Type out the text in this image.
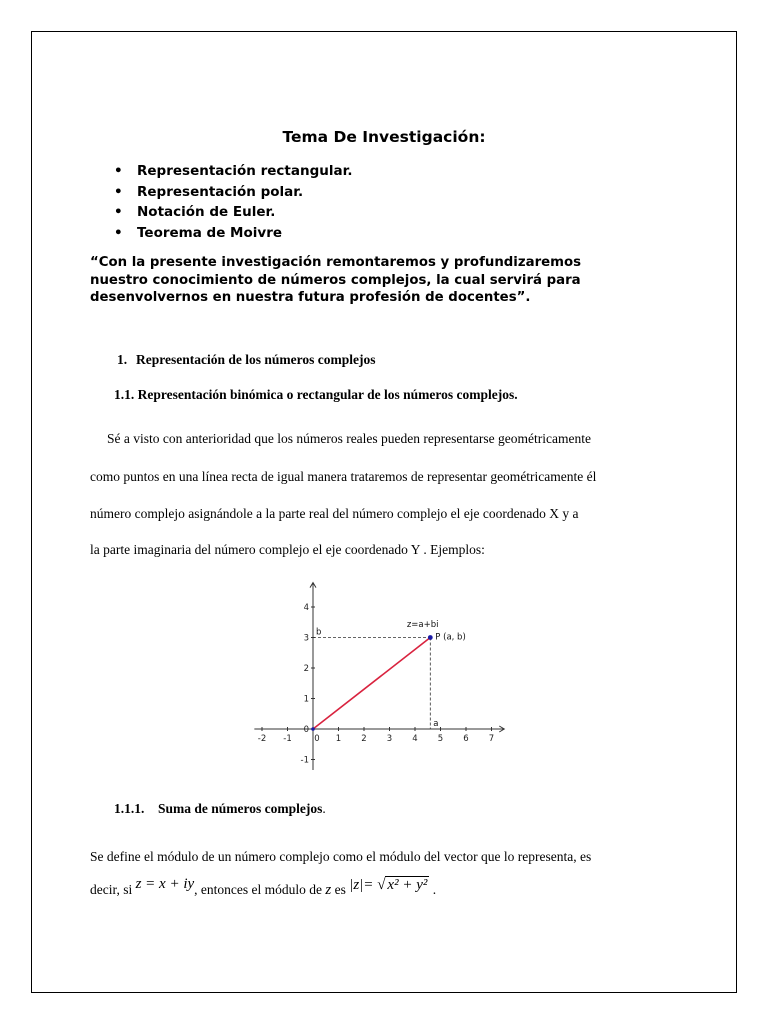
Tema De Investigación:
• Representación rectangular.
• Representación polar.
• Notación de Euler.
• Teorema de Moivre
“Con la presente investigación remontaremos y profundizaremos
nuestro conocimiento de números complejos, la cual servirá para
desenvolvernos en nuestra futura profesión de docentes”.
1. Representación de los números complejos
1.1. Representación binómica o rectangular de los números complejos.
Sé a visto con anterioridad que los números reales pueden representarse geométricamente
como puntos en una línea recta de igual manera trataremos de representar geométricamente él
número complejo asignándole a la parte real del número complejo el eje coordenado X y a
la parte imaginaria del número complejo el eje coordenado Y . Ejemplos:
-2 -1	0 1 2 3 4 5 6 7
-1
0
1
2
3
4
P (a, b)
z=a+bi
b
a
1.1.1. Suma de números complejos.
Se define el módulo de un número complejo como el módulo del vector que lo representa, es
decir, si z = x + iy, entonces el módulo de z es |z|= √ x² + y² .
